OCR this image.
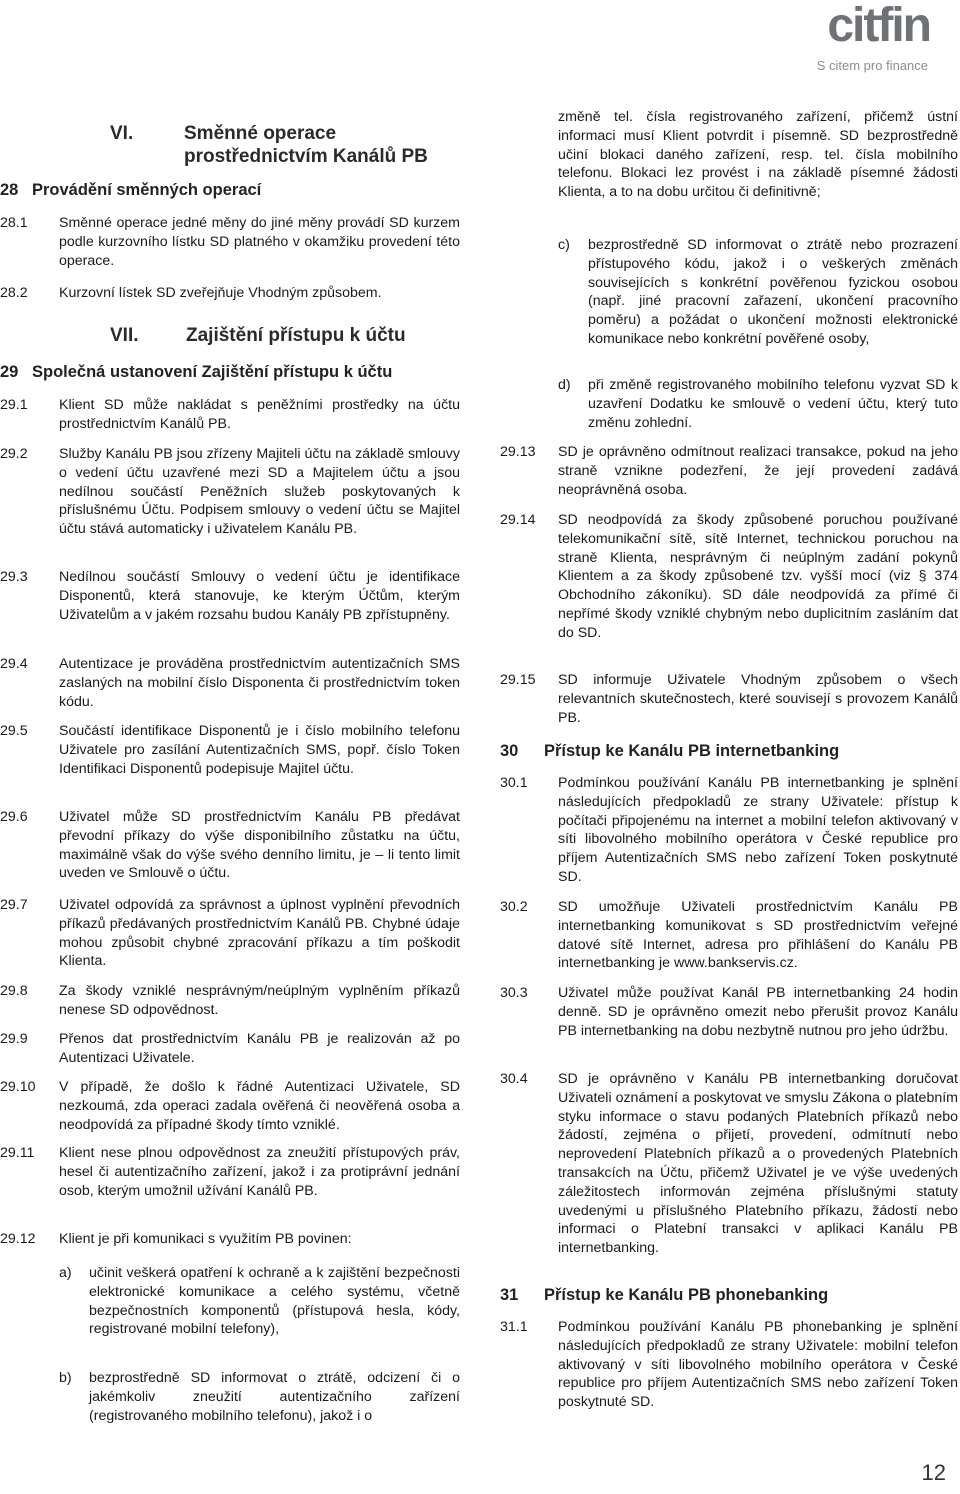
citfin
S citem pro finance
VI.	Směnné operace prostřednictvím Kanálů PB
28 Provádění směnných operací
28.1 Směnné operace jedné měny do jiné měny provádí SD kurzem podle kurzovního lístku SD platného v okamžiku provedení této operace.
28.2 Kurzovní lístek SD zveřejňuje Vhodným způsobem.
VII. Zajištění přístupu k účtu
29 Společná ustanovení Zajištění přístupu k účtu
29.1 Klient SD může nakládat s peněžními prostředky na účtu prostřednictvím Kanálů PB.
29.2 Služby Kanálu PB jsou zřízeny Majiteli účtu na základě smlouvy o vedení účtu uzavřené mezi SD a Majitelem účtu a jsou nedílnou součástí Peněžních služeb poskytovaných k příslušnému Účtu. Podpisem smlouvy o vedení účtu se Majitel účtu stává automaticky i uživatelem Kanálu PB.
29.3 Nedílnou součástí Smlouvy o vedení účtu je identifikace Disponentů, která stanovuje, ke kterým Účtům, kterým Uživatelům a v jakém rozsahu budou Kanály PB zpřístupněny.
29.4 Autentizace je prováděna prostřednictvím autentizačních SMS zaslaných na mobilní číslo Disponenta či prostřednictvím token kódu.
29.5 Součástí identifikace Disponentů je i číslo mobilního telefonu Uživatele pro zasílání Autentizačních SMS, popř. číslo Token Identifikaci Disponentů podepisuje Majitel účtu.
29.6 Uživatel může SD prostřednictvím Kanálu PB předávat převodní příkazy do výše disponibilního zůstatku na účtu, maximálně však do výše svého denního limitu, je – li tento limit uveden ve Smlouvě o účtu.
29.7 Uživatel odpovídá za správnost a úplnost vyplnění převodních příkazů předávaných prostřednictvím Kanálů PB. Chybné údaje mohou způsobit chybné zpracování příkazu a tím poškodit Klienta.
29.8 Za škody vzniklé nesprávným/neúplným vyplněním příkazů nenese SD odpovědnost.
29.9 Přenos dat prostřednictvím Kanálu PB je realizován až po Autentizaci Uživatele.
29.10 V případě, že došlo k řádné Autentizaci Uživatele, SD nezkoumá, zda operaci zadala ověřená či neověřená osoba a neodpovídá za případné škody tímto vzniklé.
29.11 Klient nese plnou odpovědnost za zneužití přístupových práv, hesel či autentizačního zařízení, jakož i za protiprávní jednání osob, kterým umožnil užívání Kanálů PB.
29.12 Klient je při komunikaci s využitím PB povinen:
a) učinit veškerá opatření k ochraně a k zajištění bezpečnosti elektronické komunikace a celého systému, včetně bezpečnostních komponentů (přístupová hesla, kódy, registrované mobilní telefony),
b) bezprostředně SD informovat o ztrátě, odcizení či o jakémkoliv zneužití autentizačního zařízení (registrovaného mobilního telefonu), jakož i o
změně tel. čísla registrovaného zařízení, přičemž ústní informaci musí Klient potvrdit i písemně. SD bezprostředně učiní blokaci daného zařízení, resp. tel. čísla mobilního telefonu. Blokaci lez provést i na základě písemné žádosti Klienta, a to na dobu určitou či definitivně;
c) bezprostředně SD informovat o ztrátě nebo prozrazení přístupového kódu, jakož i o veškerých změnách souvisejících s konkrétní pověřenou fyzickou osobou (např. jiné pracovní zařazení, ukončení pracovního poměru) a požádat o ukončení možnosti elektronické komunikace nebo konkrétní pověřené osoby,
d) při změně registrovaného mobilního telefonu vyzvat SD k uzavření Dodatku ke smlouvě o vedení účtu, který tuto změnu zohlední.
29.13 SD je oprávněno odmítnout realizaci transakce, pokud na jeho straně vznikne podezření, že její provedení zadává neoprávněná osoba.
29.14 SD neodpovídá za škody způsobené poruchou používané telekomunikační sítě, sítě Internet, technickou poruchou na straně Klienta, nesprávným či neúplným zadání pokynů Klientem a za škody způsobené tzv. vyšší mocí (viz § 374 Obchodního zákoníku). SD dále neodpovídá za přímé či nepřímé škody vzniklé chybným nebo duplicitním zasláním dat do SD.
29.15 SD informuje Uživatele Vhodným způsobem o všech relevantních skutečnostech, které souvisejí s provozem Kanálů PB.
30 Přístup ke Kanálu PB internetbanking
30.1 Podmínkou používání Kanálu PB internetbanking je splnění následujících předpokladů ze strany Uživatele: přístup k počítači připojenému na internet a mobilní telefon aktivovaný v síti libovolného mobilního operátora v České republice pro příjem Autentizačních SMS nebo zařízení Token poskytnuté SD.
30.2 SD umožňuje Uživateli prostřednictvím Kanálu PB internetbanking komunikovat s SD prostřednictvím veřejné datové sítě Internet, adresa pro přihlášení do Kanálu PB internetbanking je www.bankservis.cz.
30.3 Uživatel může používat Kanál PB internetbanking 24 hodin denně. SD je oprávněno omezit nebo přerušit provoz Kanálu PB internetbanking na dobu nezbytně nutnou pro jeho údržbu.
30.4 SD je oprávněno v Kanálu PB internetbanking doručovat Uživateli oznámení a poskytovat ve smyslu Zákona o platebním styku informace o stavu podaných Platebních příkazů nebo žádostí, zejména o přijetí, provedení, odmítnutí nebo neprovedení Platebních příkazů a o provedených Platebních transakcích na Účtu, přičemž Uživatel je ve výše uvedených záležitostech informován zejména příslušnými statuty uvedenými u příslušného Platebního příkazu, žádosti nebo informaci o Platební transakci v aplikaci Kanálu PB internetbanking.
31 Přístup ke Kanálu PB phonebanking
31.1 Podmínkou používání Kanálu PB phonebanking je splnění následujících předpokladů ze strany Uživatele: mobilní telefon aktivovaný v síti libovolného mobilního operátora v České republice pro příjem Autentizačních SMS nebo zařízení Token poskytnuté SD.
12
